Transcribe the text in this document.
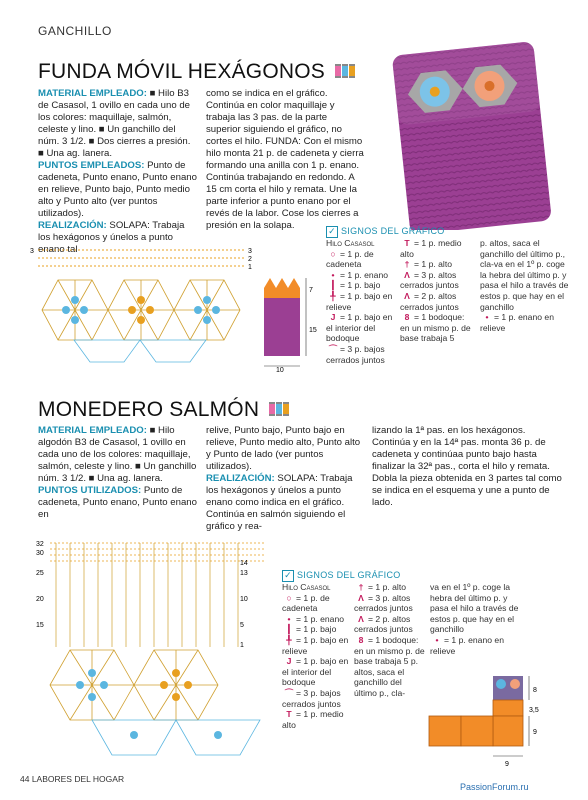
GANCHILLO
FUNDA MÓVIL HEXÁGONOS

MATERIAL EMPLEADO: ■ Hilo B3 de Casasol, 1 ovillo en cada uno de los colores: maquillaje, salmón, celeste y lino. ■ Un ganchillo del núm. 3 1/2. ■ Dos cierres a presión. ■ Una ag. lanera.

PUNTOS EMPLEADOS: Punto de cadeneta, Punto enano, Punto enano en relieve, Punto bajo, Punto medio alto y Punto alto (ver puntos utilizados).

REALIZACIÓN: SOLAPA: Trabaja los hexágonos y únelos a punto enano tal

como se indica en el gráfico. Continúa en color maquillaje y trabaja las 3 pas. de la parte superior siguiendo el gráfico, no cortes el hilo. FUNDA: Con el mismo hilo monta 21 p. de cadeneta y cierra formando una anilla con 1 p. enano. Continúa trabajando en redondo. A 15 cm corta el hilo y remata. Une la parte inferior a punto enano por el revés de la labor. Cose los cierres a presión en la solapa.

3	3
2
1
7
15
10
✓ SIGNOS DEL GRÁFICO
Hilo Casasol
○ = 1 p. de cadeneta
• = 1 p. enano
┃ = 1 p. bajo
╀ = 1 p. bajo en relieve
J = 1 p. bajo en el interior del bodoque
⌒ = 3 p. bajos cerrados juntos
T = 1 p. medio alto
† = 1 p. alto
Λ = 3 p. altos cerrados juntos
Λ = 2 p. altos cerrados juntos
8 = 1 bodoque: en un mismo p. de base trabaja 5
p. altos, saca el ganchillo del último p., cla-va en el 1º p. coge la hebra del último p. y pasa el hilo a través de estos p. que hay en el ganchillo
• = 1 p. enano en relieve
MONEDERO SALMÓN

MATERIAL EMPLEADO: ■ Hilo algodón B3 de Casasol, 1 ovillo en cada uno de los colores: maquillaje, salmón, celeste y lino. ■ Un ganchillo núm. 3 1/2. ■ Una ag. lanera.

PUNTOS UTILIZADOS: Punto de cadeneta, Punto enano, Punto enano en

relive, Punto bajo, Punto bajo en relieve, Punto medio alto, Punto alto y Punto de lado (ver puntos utilizados).

REALIZACIÓN: SOLAPA: Trabaja los hexágonos y únelos a punto enano como indica en el gráfico. Continúa en salmón siguiendo el gráfico y rea-

lizando la 1ª pas. en los hexágonos. Continúa y en la 14ª pas. monta 36 p. de cadeneta y continúaa punto bajo hasta finalizar la 32ª pas., corta el hilo y remata. Dobla la pieza obtenida en 3 partes tal como se indica en el esquema y une a punto de lado.

32
30
25
20
15
14
13
10
5
1
✓ SIGNOS DEL GRÁFICO
Hilo Casasol
○ = 1 p. de cadeneta
• = 1 p. enano
┃ = 1 p. bajo
╀ = 1 p. bajo en relieve
J = 1 p. bajo en el interior del bodoque
⌒ = 3 p. bajos cerrados juntos
T = 1 p. medio alto
† = 1 p. alto
Λ = 3 p. altos cerrados juntos
Λ = 2 p. altos cerrados juntos
8 = 1 bodoque: en un mismo p. de base trabaja 5 p. altos, saca el ganchillo del último p., cla-
va en el 1º p. coge la hebra del último p. y pasa el hilo a través de estos p. que hay en el ganchillo
• = 1 p. enano en relieve
8
3,5
9
9
44 LABORES DEL HOGAR
PassionForum.ru
